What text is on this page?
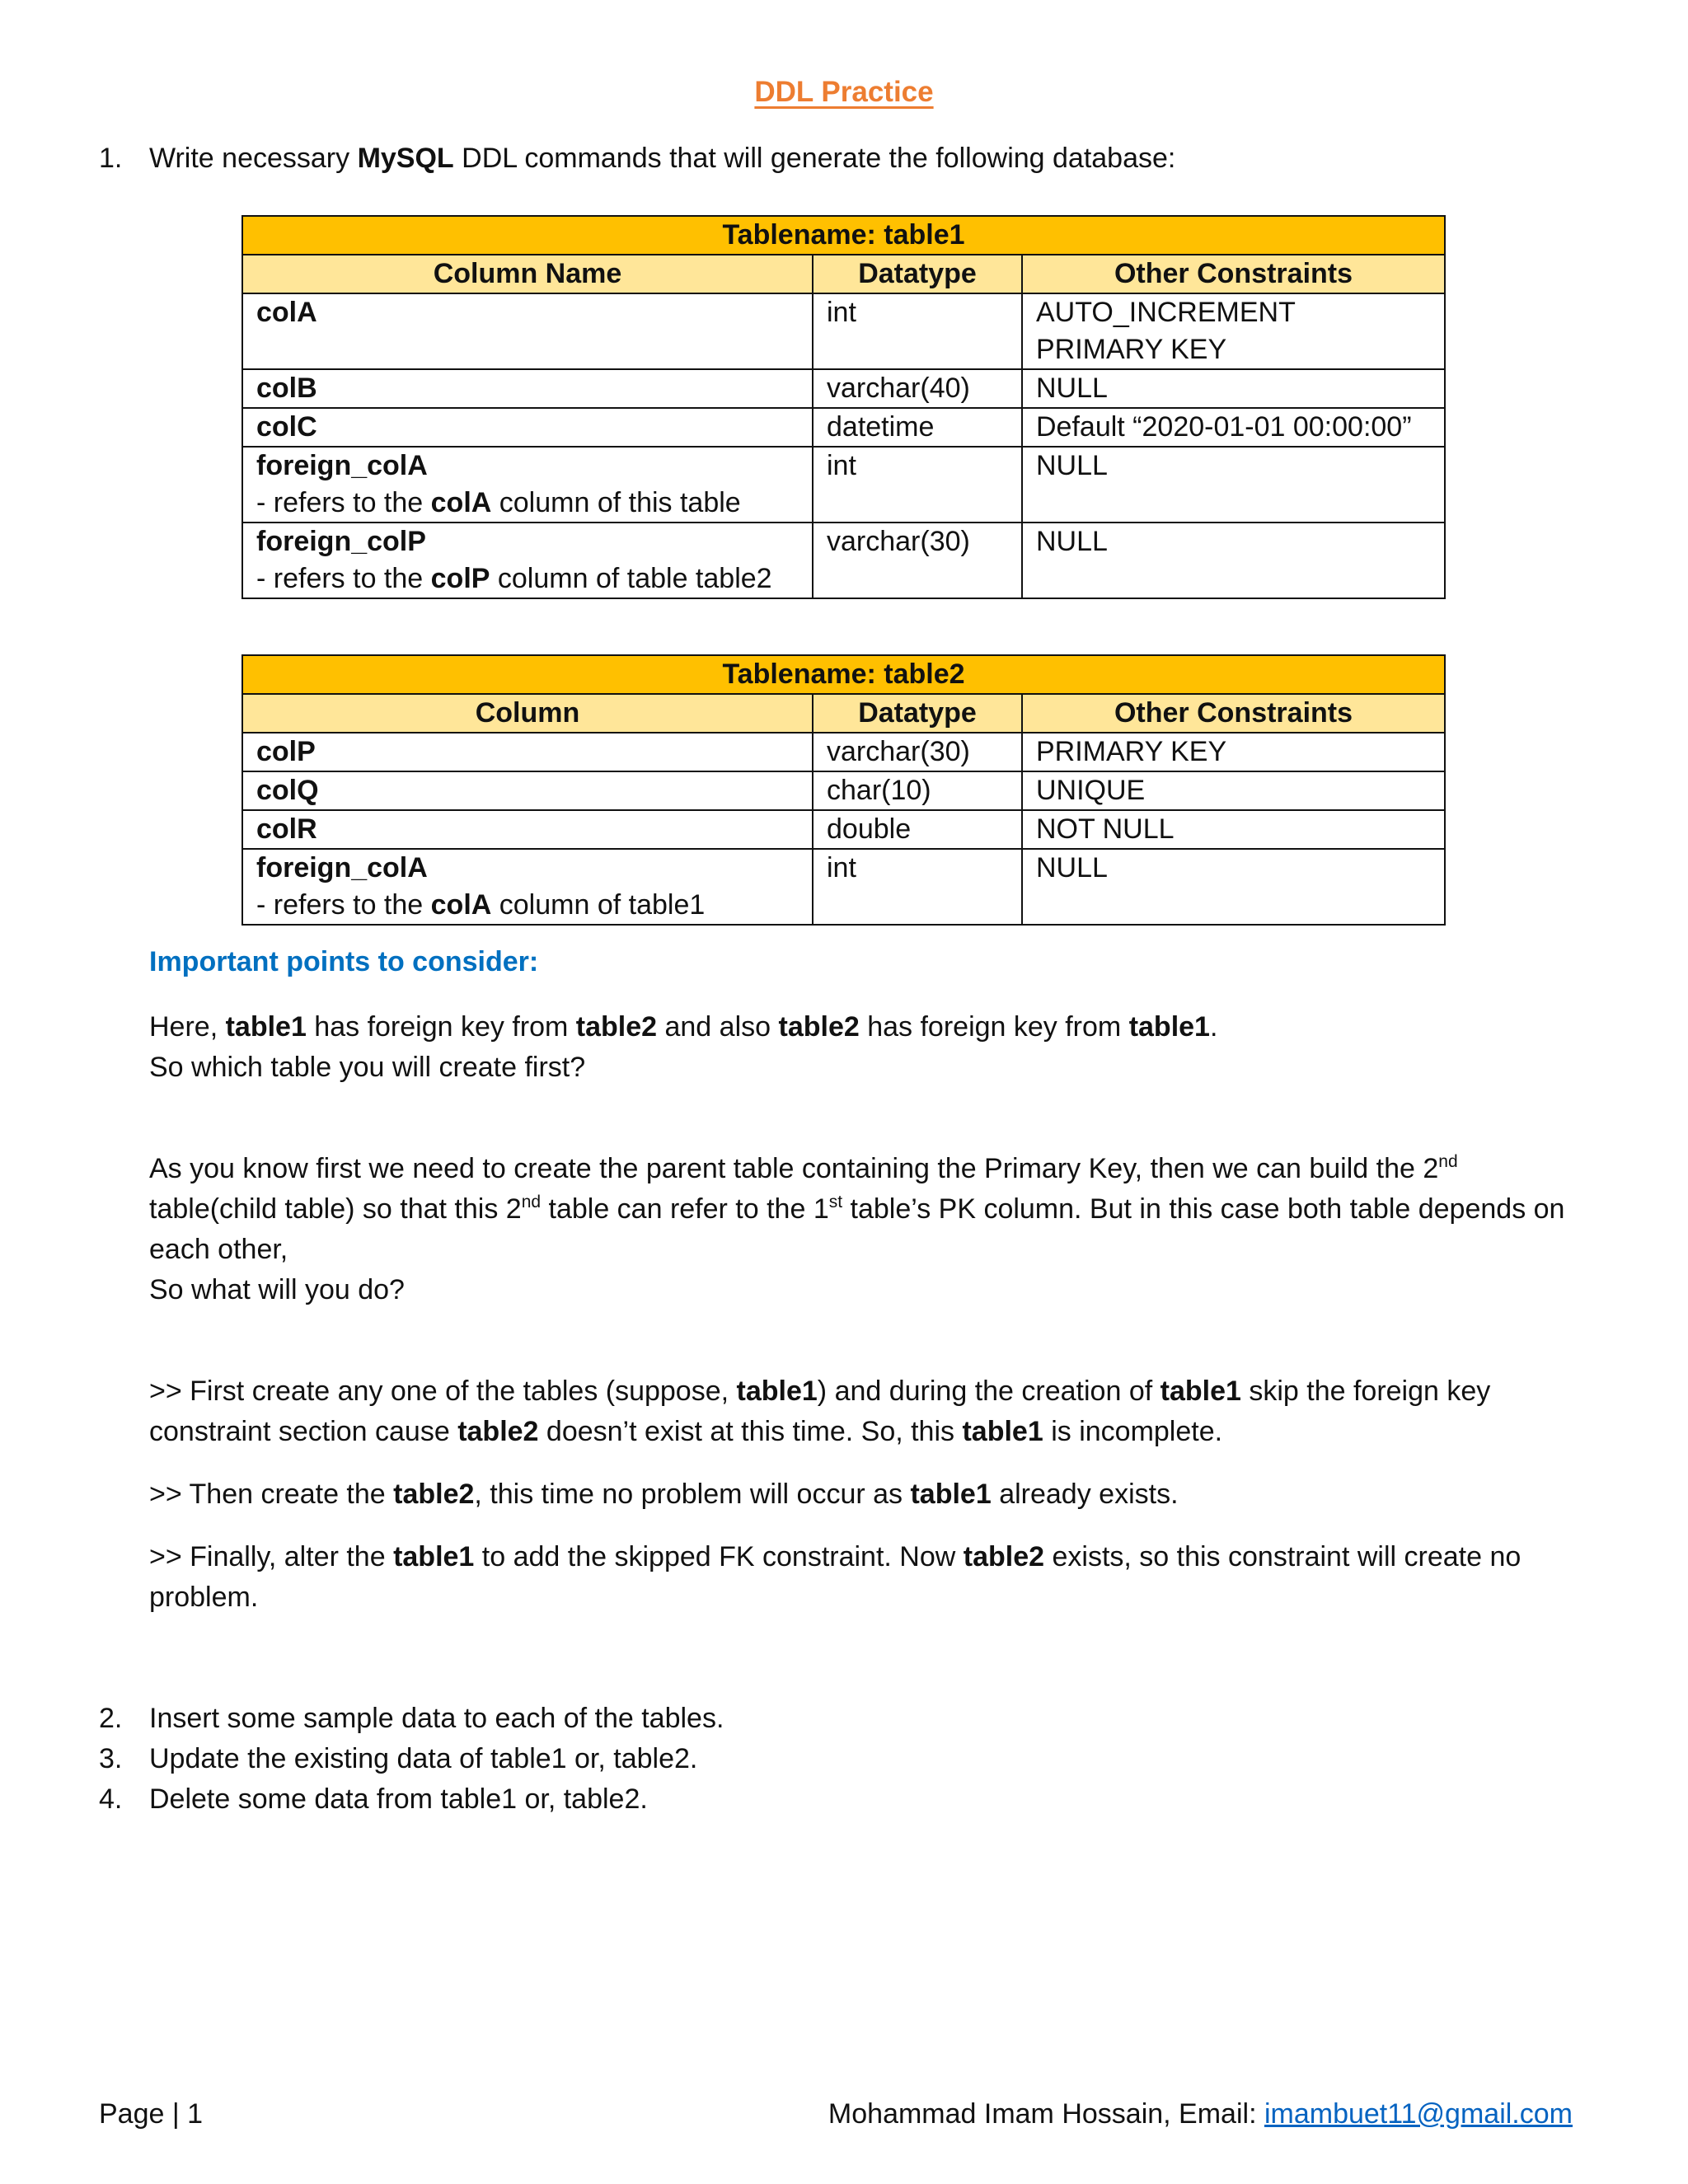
DDL Practice
1. Write necessary MySQL DDL commands that will generate the following database:
Tablename: table1		
Column Name	Datatype	Other Constraints

colA	int	AUTO_INCREMENT
PRIMARY KEY

colB	varchar(40)	NULL

colC	datetime	Default “2020-01-01 00:00:00”

foreign_colA
- refers to the colA column of this table	int	NULL

foreign_colP
- refers to the colP column of table table2	varchar(30)	NULL
Tablename: table2		
Column	Datatype	Other Constraints

colP	varchar(30)	PRIMARY KEY

colQ	char(10)	UNIQUE

colR	double	NOT NULL

foreign_colA
- refers to the colA column of table1	int	NULL
Important points to consider:
Here, table1 has foreign key from table2 and also table2 has foreign key from table1.
So which table you will create first?
As you know first we need to create the parent table containing the Primary Key, then we can build the 2nd
table(child table) so that this 2nd table can refer to the 1st table’s PK column. But in this case both table depends on
each other,
So what will you do?
>> First create any one of the tables (suppose, table1) and during the creation of table1 skip the foreign key
constraint section cause table2 doesn’t exist at this time. So, this table1 is incomplete.
>> Then create the table2, this time no problem will occur as table1 already exists.
>> Finally, alter the table1 to add the skipped FK constraint. Now table2 exists, so this constraint will create no
problem.
2. Insert some sample data to each of the tables.
3. Update the existing data of table1 or, table2.
4. Delete some data from table1 or, table2.
Page | 1	Mohammad Imam Hossain, Email: imambuet11@gmail.com
